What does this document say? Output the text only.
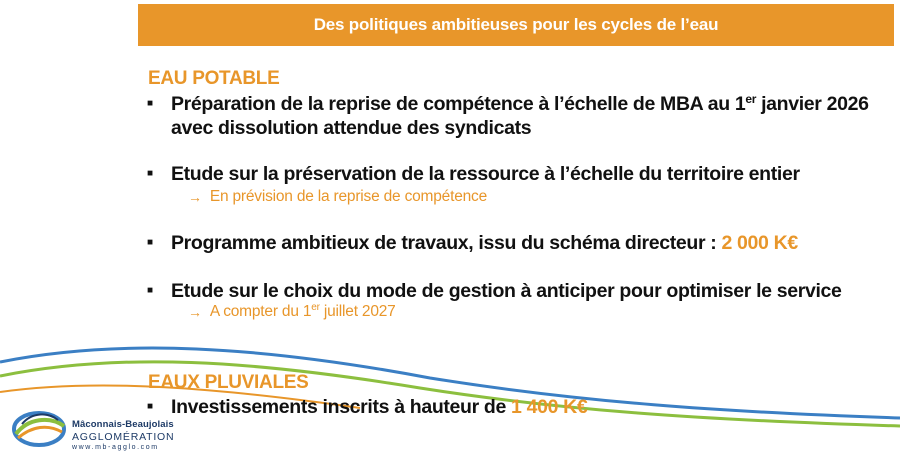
Des politiques ambitieuses pour les cycles de l’eau
EAU POTABLE
■ Préparation de la reprise de compétence à l’échelle de MBA au 1er janvier 2026 avec dissolution attendue des syndicats
■ Etude sur la préservation de la ressource à l’échelle du territoire entier
→ En prévision de la reprise de compétence
■ Programme ambitieux de travaux, issu du schéma directeur : 2 000 K€
■ Etude sur le choix du mode de gestion à anticiper pour optimiser le service
→ A compter du 1er juillet 2027
EAUX PLUVIALES
■ Investissements inscrits à hauteur de 1 400 K€
Mâconnais-Beaujolais
AGGLOMÉRATION
www.mb-agglo.com
